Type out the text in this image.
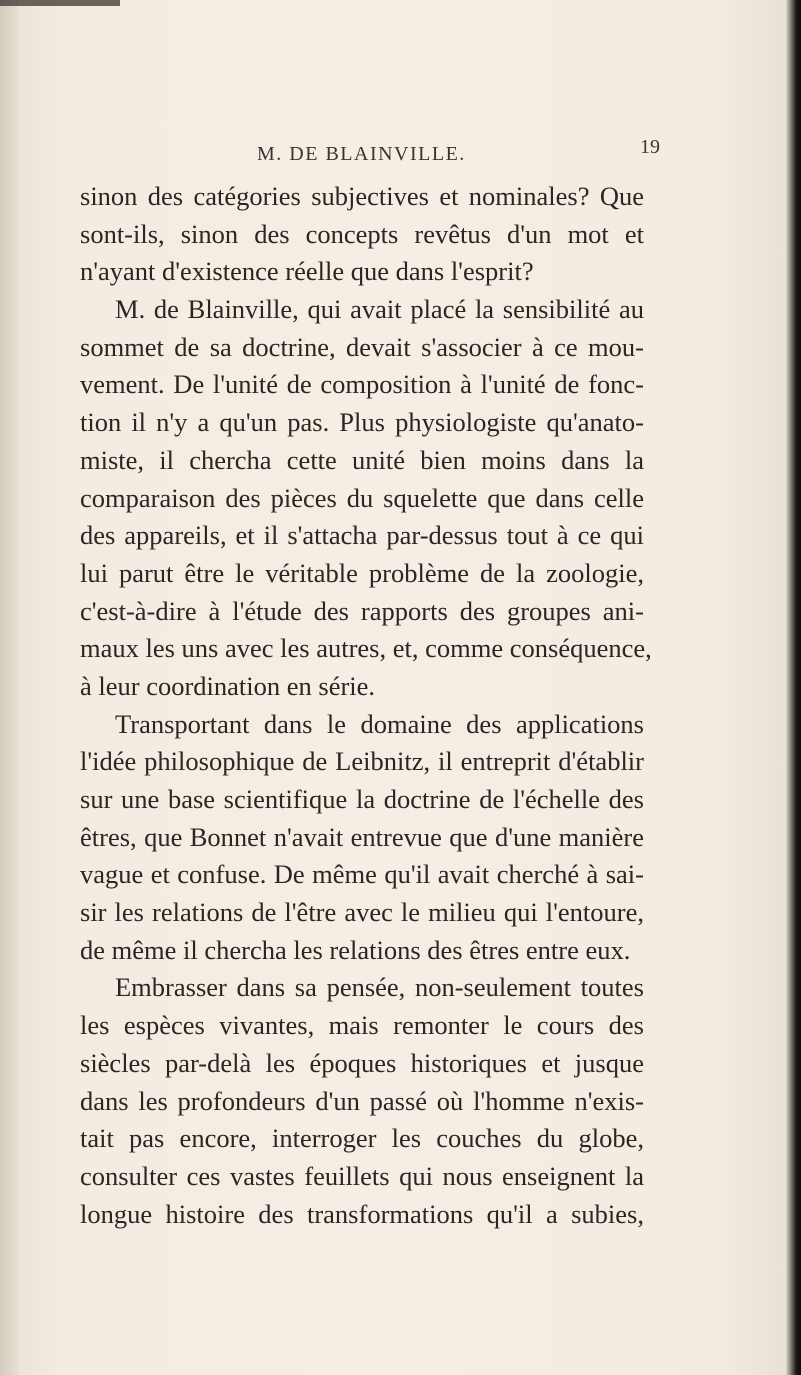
M. DE BLAINVILLE.	19
sinon des catégories subjectives et nominales? Que
sont-ils, sinon des concepts revêtus d'un mot et
n'ayant d'existence réelle que dans l'esprit?
M. de Blainville, qui avait placé la sensibilité au
sommet de sa doctrine, devait s'associer à ce mou-
vement. De l'unité de composition à l'unité de fonc-
tion il n'y a qu'un pas. Plus physiologiste qu'anato-
miste, il chercha cette unité bien moins dans la
comparaison des pièces du squelette que dans celle
des appareils, et il s'attacha par-dessus tout à ce qui
lui parut être le véritable problème de la zoologie,
c'est-à-dire à l'étude des rapports des groupes ani-
maux les uns avec les autres, et, comme conséquence,
à leur coordination en série.
Transportant dans le domaine des applications
l'idée philosophique de Leibnitz, il entreprit d'établir
sur une base scientifique la doctrine de l'échelle des
êtres, que Bonnet n'avait entrevue que d'une manière
vague et confuse. De même qu'il avait cherché à sai-
sir les relations de l'être avec le milieu qui l'entoure,
de même il chercha les relations des êtres entre eux.
Embrasser dans sa pensée, non-seulement toutes
les espèces vivantes, mais remonter le cours des
siècles par-delà les époques historiques et jusque
dans les profondeurs d'un passé où l'homme n'exis-
tait pas encore, interroger les couches du globe,
consulter ces vastes feuillets qui nous enseignent la
longue histoire des transformations qu'il a subies,
